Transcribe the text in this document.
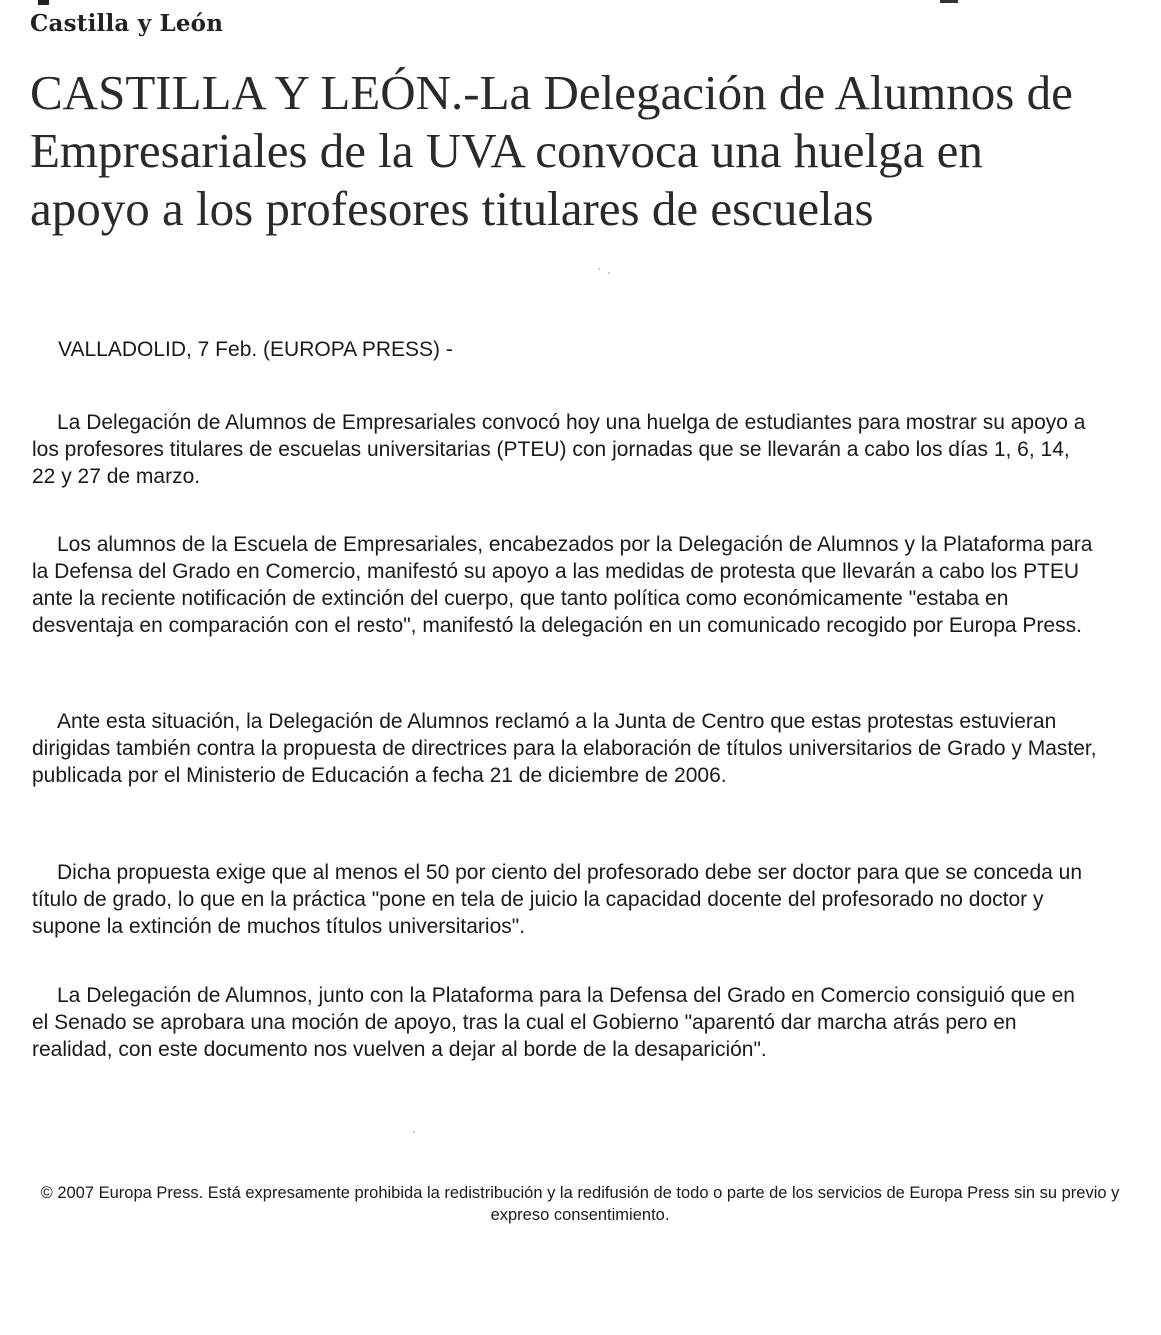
Castilla y León
CASTILLA Y LEÓN.-La Delegación de Alumnos de Empresariales de la UVA convoca una huelga en apoyo a los profesores titulares de escuelas
VALLADOLID, 7 Feb. (EUROPA PRESS) -

La Delegación de Alumnos de Empresariales convocó hoy una huelga de estudiantes para mostrar su apoyo a los profesores titulares de escuelas universitarias (PTEU) con jornadas que se llevarán a cabo los días 1, 6, 14, 22 y 27 de marzo.

Los alumnos de la Escuela de Empresariales, encabezados por la Delegación de Alumnos y la Plataforma para la Defensa del Grado en Comercio, manifestó su apoyo a las medidas de protesta que llevarán a cabo los PTEU ante la reciente notificación de extinción del cuerpo, que tanto política como económicamente "estaba en desventaja en comparación con el resto", manifestó la delegación en un comunicado recogido por Europa Press.

Ante esta situación, la Delegación de Alumnos reclamó a la Junta de Centro que estas protestas estuvieran dirigidas también contra la propuesta de directrices para la elaboración de títulos universitarios de Grado y Master, publicada por el Ministerio de Educación a fecha 21 de diciembre de 2006.

Dicha propuesta exige que al menos el 50 por ciento del profesorado debe ser doctor para que se conceda un título de grado, lo que en la práctica "pone en tela de juicio la capacidad docente del profesorado no doctor y supone la extinción de muchos títulos universitarios".

La Delegación de Alumnos, junto con la Plataforma para la Defensa del Grado en Comercio consiguió que en el Senado se aprobara una moción de apoyo, tras la cual el Gobierno "aparentó dar marcha atrás pero en realidad, con este documento nos vuelven a dejar al borde de la desaparición".

© 2007 Europa Press. Está expresamente prohibida la redistribución y la redifusión de todo o parte de los servicios de Europa Press sin su previo y expreso consentimiento.
